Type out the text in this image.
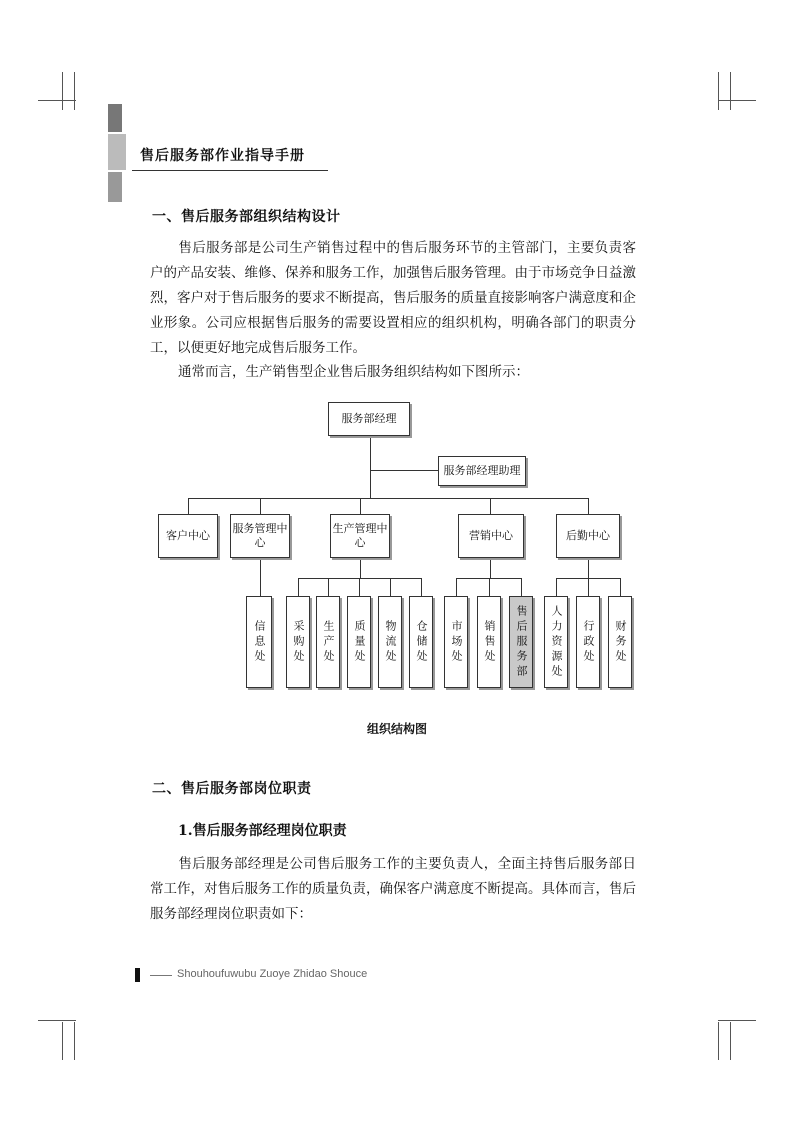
售后服务部作业指导手册
一、售后服务部组织结构设计
售后服务部是公司生产销售过程中的售后服务环节的主管部门，主要负责客户的产品安装、维修、保养和服务工作，加强售后服务管理。由于市场竞争日益激烈，客户对于售后服务的要求不断提高，售后服务的质量直接影响客户满意度和企业形象。公司应根据售后服务的需要设置相应的组织机构，明确各部门的职责分工，以便更好地完成售后服务工作。
通常而言，生产销售型企业售后服务组织结构如下图所示：
服务部经理
服务部经理助理
客户中心
服务管理中心
生产管理中心
营销中心	后勤中心
信息处	采购处	生产处	质量处	物流处	仓储处	市场处	销售处	售后服务部	人力资源处	行政处	财务处
组织结构图
二、售后服务部岗位职责
1.售后服务部经理岗位职责
售后服务部经理是公司售后服务工作的主要负责人，全面主持售后服务部日常工作，对售后服务工作的质量负责，确保客户满意度不断提高。具体而言，售后服务部经理岗位职责如下：
Shouhoufuwubu Zuoye Zhidao Shouce
